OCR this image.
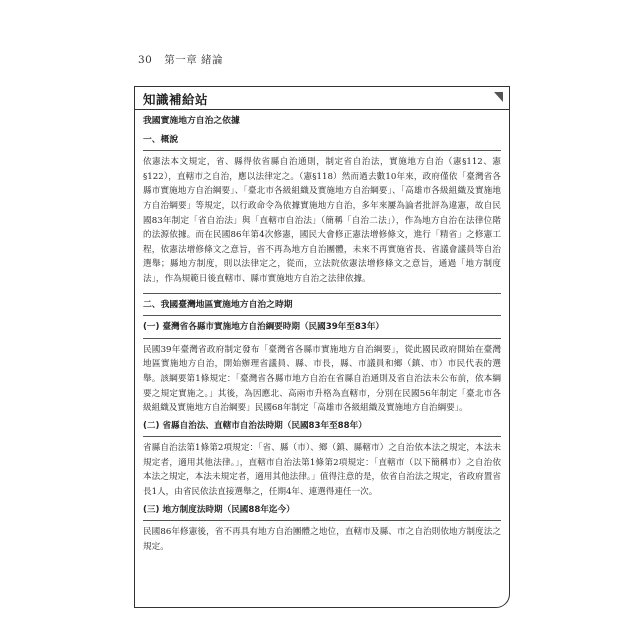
30 第一章 緒論
知識補給站
我國實施地方自治之依據
一、概說
依憲法本文規定，省、縣得依省縣自治通則，制定省自治法，實施地方自治（憲§112、憲§122），直轄市之自治，應以法律定之。（憲§118）然而過去數10年來，政府僅依「臺灣省各縣市實施地方自治綱要」、「臺北市各級組織及實施地方自治綱要」、「高雄市各級組織及實施地方自治綱要」等規定，以行政命令為依據實施地方自治，多年來屢為論者批評為違憲，故自民國83年制定「省自治法」與「直轄市自治法」（簡稱「自治二法」），作為地方自治在法律位階的法源依據。而在民國86年第4次修憲，國民大會修正憲法增修條文，進行「精省」之修憲工程，依憲法增修條文之意旨，省不再為地方自治團體，未來不再實施省長、省議會議員等自治選舉；縣地方制度，則以法律定之，從而，立法院依憲法增修條文之意旨，通過「地方制度法」，作為規範日後直轄市、縣市實施地方自治之法律依據。
二、我國臺灣地區實施地方自治之時期
(一) 臺灣省各縣市實施地方自治綱要時期（民國39年至83年）
民國39年臺灣省政府制定發布「臺灣省各縣市實施地方自治綱要」，從此國民政府開始在臺灣地區實施地方自治，開始辦理省議員、縣、市長，縣、市議員和鄉（鎮、市）市民代表的選舉。該綱要第1條規定：「臺灣省各縣市地方自治在省縣自治通則及省自治法未公布前，依本綱要之規定實施之。」其後，為因應北、高兩市升格為直轄市，分別在民國56年制定「臺北市各級組織及實施地方自治綱要」民國68年制定「高雄市各級組織及實施地方自治綱要」。
(二) 省縣自治法、直轄市自治法時期（民國83年至88年）
省縣自治法第1條第2項規定：「省、縣（市）、鄉（鎮、縣轄市）之自治依本法之規定，本法未規定者，適用其他法律。」，直轄市自治法第1條第2項規定：「直轄市（以下簡稱市）之自治依本法之規定，本法未規定者，適用其他法律。」值得注意的是，依省自治法之規定，省政府置省長1人，由省民依法直接選舉之，任期4年、連選得連任一次。
(三) 地方制度法時期（民國88年迄今）
民國86年修憲後，省不再具有地方自治團體之地位，直轄市及縣、市之自治則依地方制度法之規定。
